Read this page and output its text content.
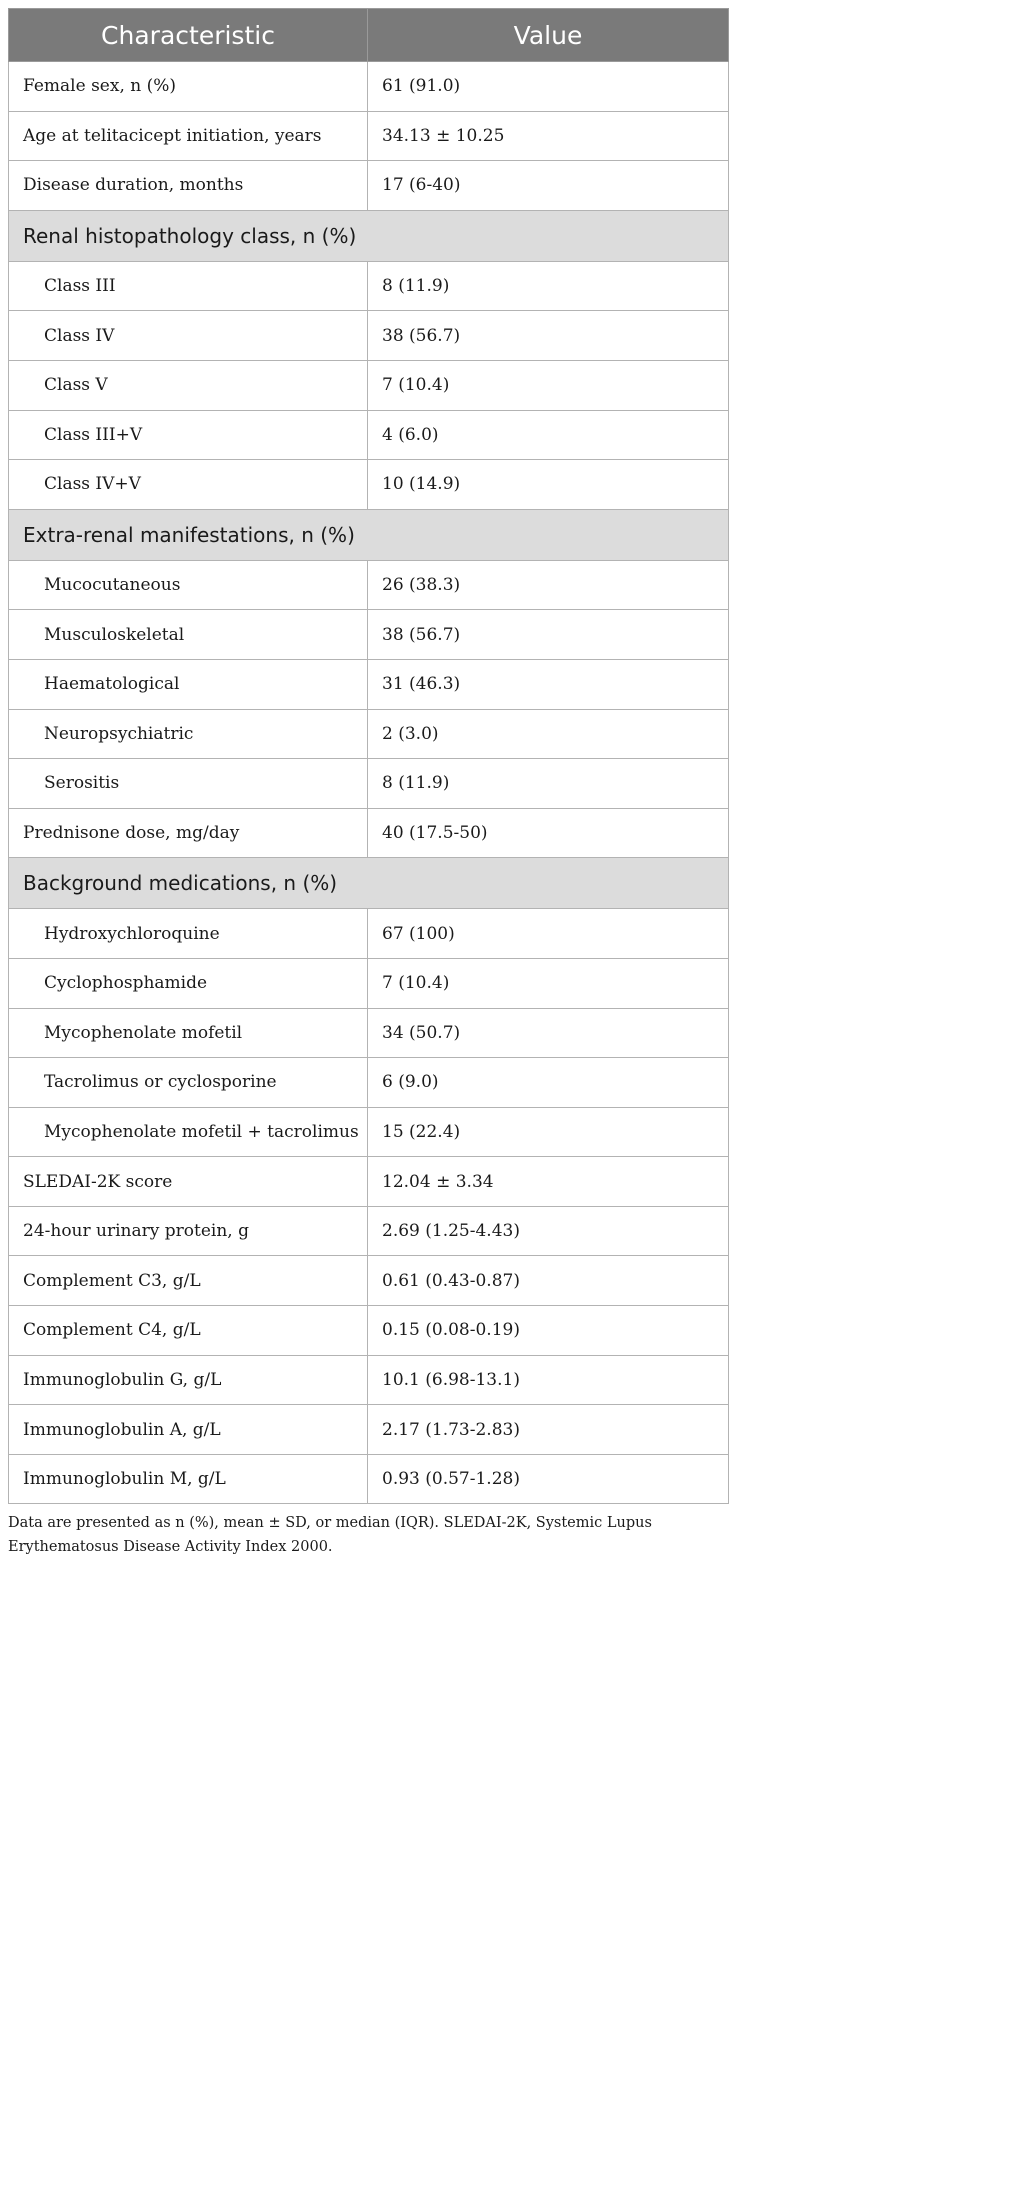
Characteristic	Value
Female sex, n (%)	61 (91.0)
Age at telitacicept initiation, years	34.13 ± 10.25
Disease duration, months	17 (6-40)
Renal histopathology class, n (%)	
Class III	8 (11.9)
Class IV	38 (56.7)
Class V	7 (10.4)
Class III+V	4 (6.0)
Class IV+V	10 (14.9)
Extra-renal manifestations, n (%)	
Mucocutaneous	26 (38.3)
Musculoskeletal	38 (56.7)
Haematological	31 (46.3)
Neuropsychiatric	2 (3.0)
Serositis	8 (11.9)
Prednisone dose, mg/day	40 (17.5-50)
Background medications, n (%)	
Hydroxychloroquine	67 (100)
Cyclophosphamide	7 (10.4)
Mycophenolate mofetil	34 (50.7)
Tacrolimus or cyclosporine	6 (9.0)
Mycophenolate mofetil + tacrolimus	15 (22.4)
SLEDAI-2K score	12.04 ± 3.34
24-hour urinary protein, g	2.69 (1.25-4.43)
Complement C3, g/L	0.61 (0.43-0.87)
Complement C4, g/L	0.15 (0.08-0.19)
Immunoglobulin G, g/L	10.1 (6.98-13.1)
Immunoglobulin A, g/L	2.17 (1.73-2.83)
Immunoglobulin M, g/L	0.93 (0.57-1.28)

Data are presented as n (%), mean ± SD, or median (IQR). SLEDAI-2K, Systemic Lupus Erythematosus Disease Activity Index 2000.
